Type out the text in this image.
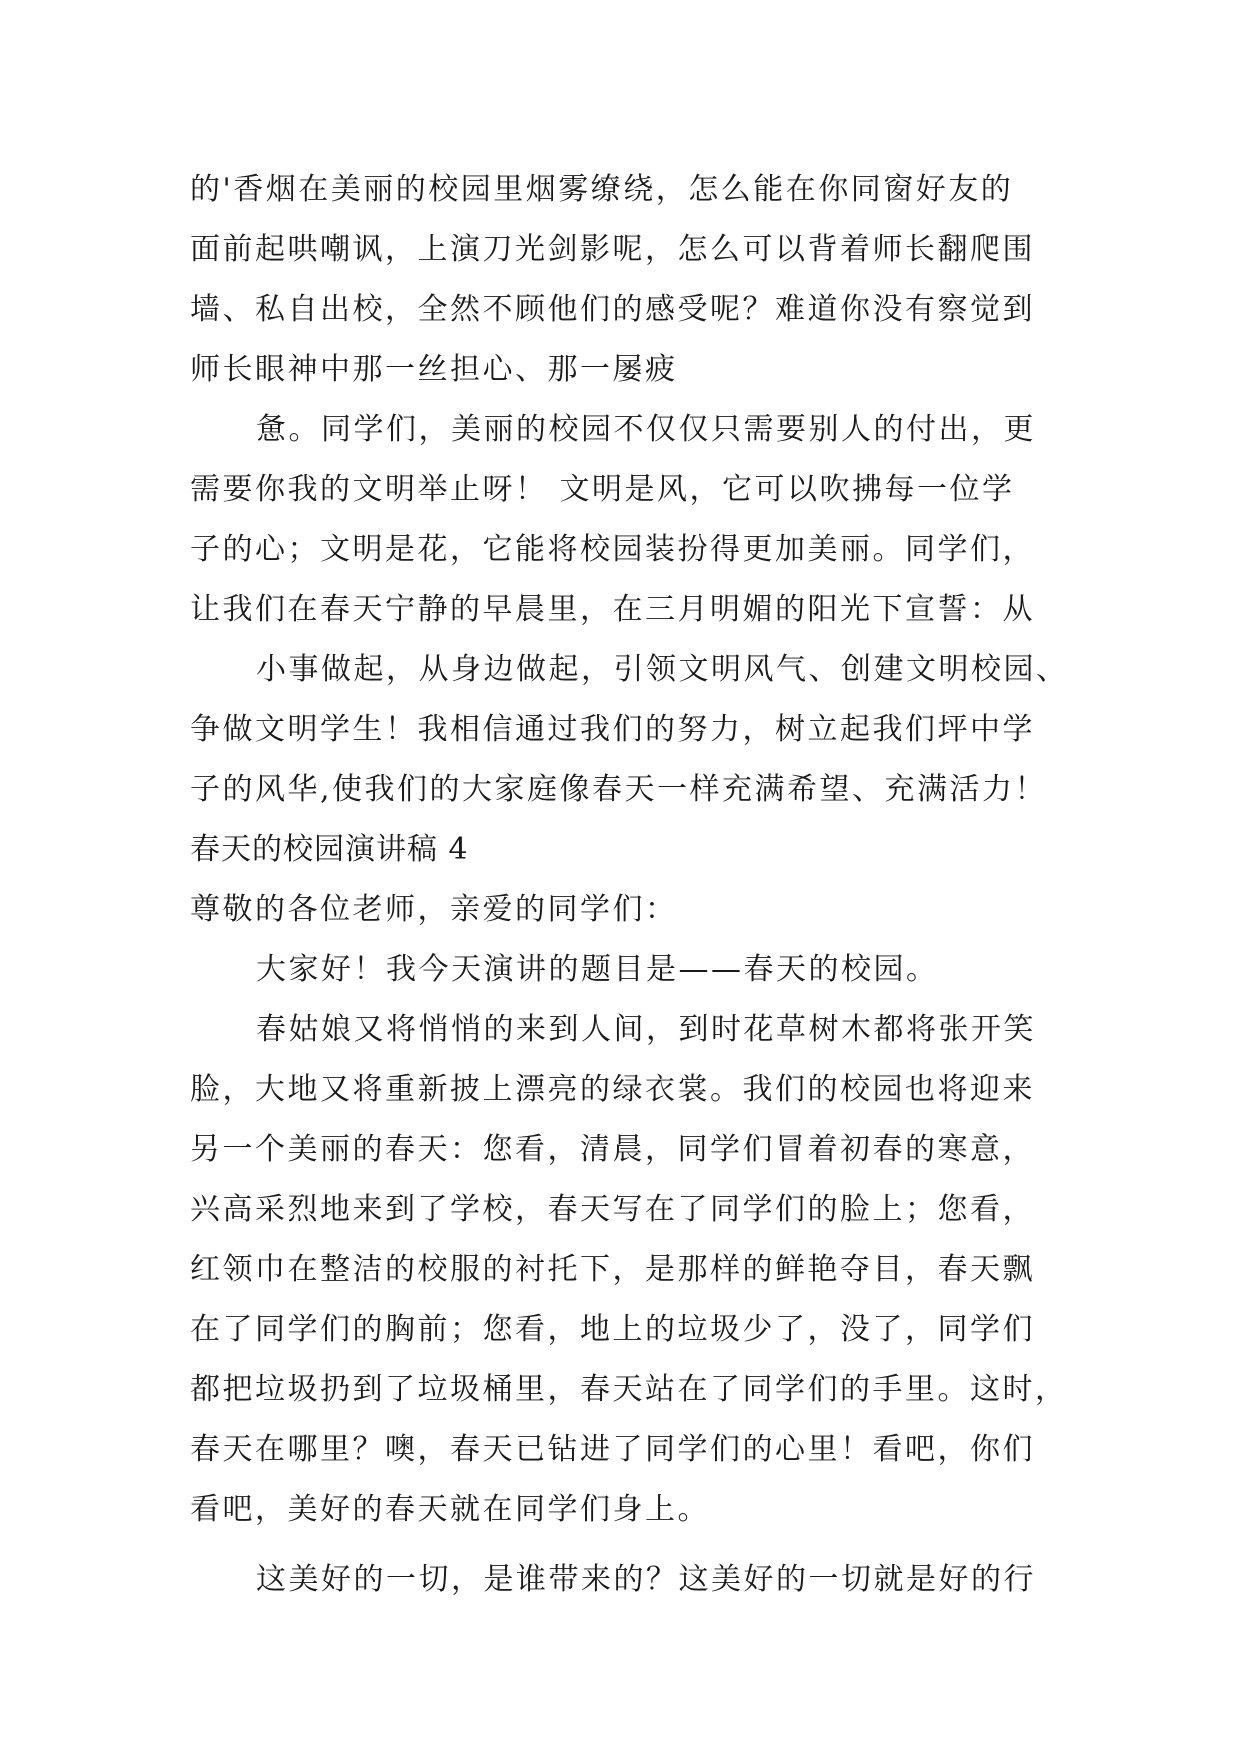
的'香烟在美丽的校园里烟雾缭绕，怎么能在你同窗好友的
面前起哄嘲讽，上演刀光剑影呢，怎么可以背着师长翻爬围
墙、私自出校，全然不顾他们的感受呢？难道你没有察觉到
师长眼神中那一丝担心、那一屡疲
惫。同学们，美丽的校园不仅仅只需要别人的付出，更
需要你我的文明举止呀！ 文明是风，它可以吹拂每一位学
子的心；文明是花，它能将校园装扮得更加美丽。同学们，
让我们在春天宁静的早晨里，在三月明媚的阳光下宣誓：从
小事做起，从身边做起，引领文明风气、创建文明校园、
争做文明学生！我相信通过我们的努力，树立起我们坪中学
子的风华,使我们的大家庭像春天一样充满希望、充满活力！
春天的校园演讲稿 4
尊敬的各位老师，亲爱的同学们：
大家好！我今天演讲的题目是——春天的校园。
春姑娘又将悄悄的来到人间，到时花草树木都将张开笑
脸，大地又将重新披上漂亮的绿衣裳。我们的校园也将迎来
另一个美丽的春天：您看，清晨，同学们冒着初春的寒意，
兴高采烈地来到了学校，春天写在了同学们的脸上；您看，
红领巾在整洁的校服的衬托下，是那样的鲜艳夺目，春天飘
在了同学们的胸前；您看，地上的垃圾少了，没了，同学们
都把垃圾扔到了垃圾桶里，春天站在了同学们的手里。这时，
春天在哪里？噢，春天已钻进了同学们的心里！看吧，你们
看吧，美好的春天就在同学们身上。
这美好的一切，是谁带来的？这美好的一切就是好的行
